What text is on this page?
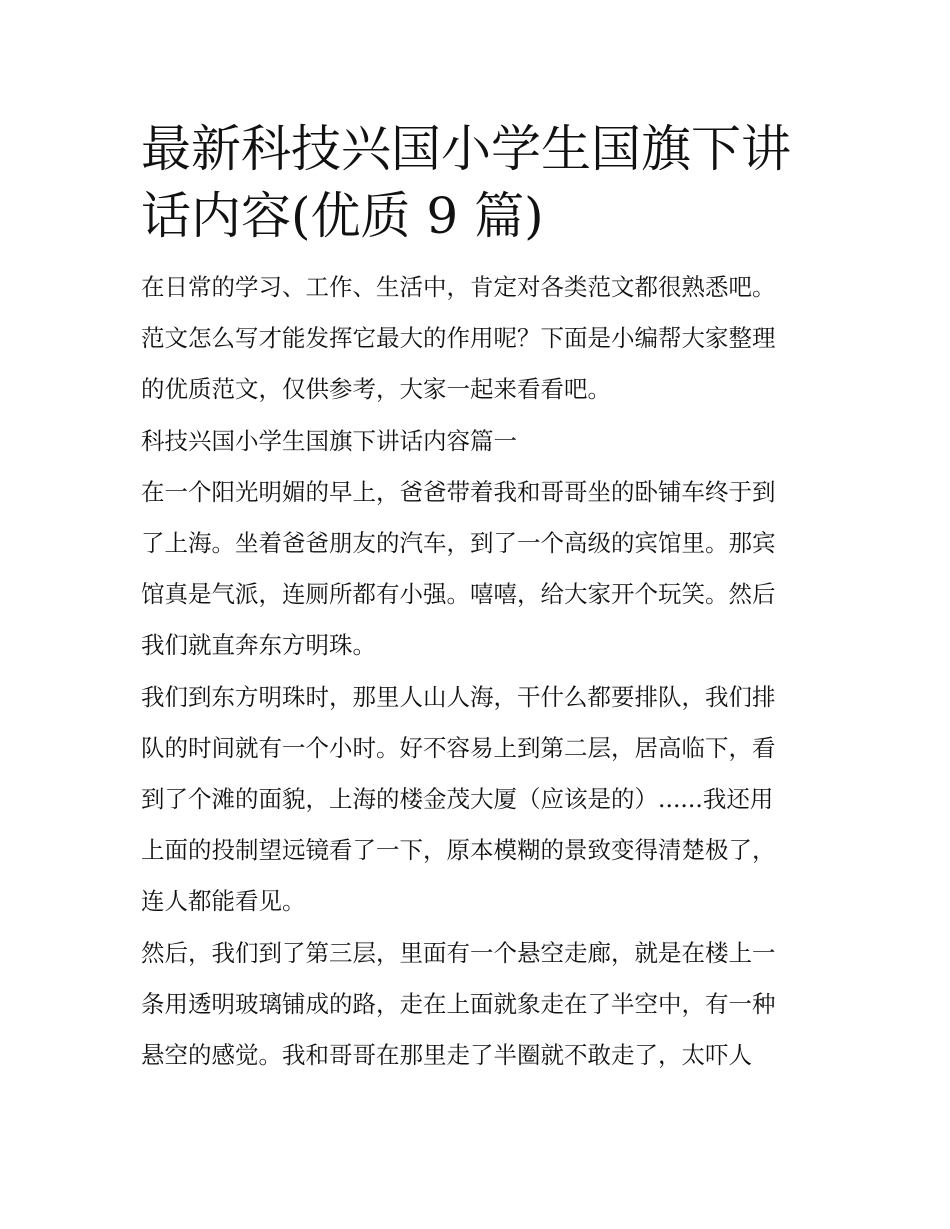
最新科技兴国小学生国旗下讲
话内容(优质 9 篇)

在日常的学习、工作、生活中，肯定对各类范文都很熟悉吧。
范文怎么写才能发挥它最大的作用呢？下面是小编帮大家整理
的优质范文，仅供参考，大家一起来看看吧。

科技兴国小学生国旗下讲话内容篇一

在一个阳光明媚的早上，爸爸带着我和哥哥坐的卧铺车终于到
了上海。坐着爸爸朋友的汽车，到了一个高级的宾馆里。那宾
馆真是气派，连厕所都有小强。嘻嘻，给大家开个玩笑。然后
我们就直奔东方明珠。

我们到东方明珠时，那里人山人海，干什么都要排队，我们排
队的时间就有一个小时。好不容易上到第二层，居高临下，看
到了个滩的面貌，上海的楼金茂大厦（应该是的）......我还用
上面的投制望远镜看了一下，原本模糊的景致变得清楚极了，
连人都能看见。

然后，我们到了第三层，里面有一个悬空走廊，就是在楼上一
条用透明玻璃铺成的路，走在上面就象走在了半空中，有一种
悬空的感觉。我和哥哥在那里走了半圈就不敢走了，太吓人
